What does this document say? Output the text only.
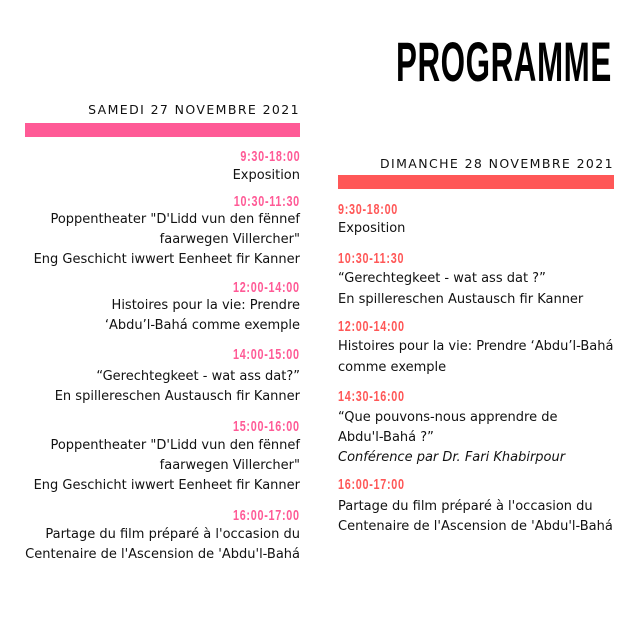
PROGRAMME
SAMEDI 27 NOVEMBRE 2021
DIMANCHE 28 NOVEMBRE 2021
9:30-18:00
Exposition
10:30-11:30
Poppentheater "D'Lidd vun den fënnef
faarwegen Villercher"
Eng Geschicht iwwert Eenheet fir Kanner
12:00-14:00
Histoires pour la vie: Prendre
‘Abdu’l-Bahá comme exemple
14:00-15:00
“Gerechtegkeet - wat ass dat?”
En spillereschen Austausch fir Kanner
15:00-16:00
Poppentheater "D'Lidd vun den fënnef
faarwegen Villercher"
Eng Geschicht iwwert Eenheet fir Kanner
16:00-17:00
Partage du film préparé à l'occasion du
Centenaire de l'Ascension de 'Abdu'l-Bahá
9:30-18:00
Exposition
10:30-11:30
“Gerechtegkeet - wat ass dat ?”
En spillereschen Austausch fir Kanner
12:00-14:00
Histoires pour la vie: Prendre ‘Abdu’l-Bahá
comme exemple
14:30-16:00
“Que pouvons-nous apprendre de
Abdu'l-Bahá ?”
Conférence par Dr. Fari Khabirpour
16:00-17:00
Partage du film préparé à l'occasion du
Centenaire de l'Ascension de 'Abdu'l-Bahá
